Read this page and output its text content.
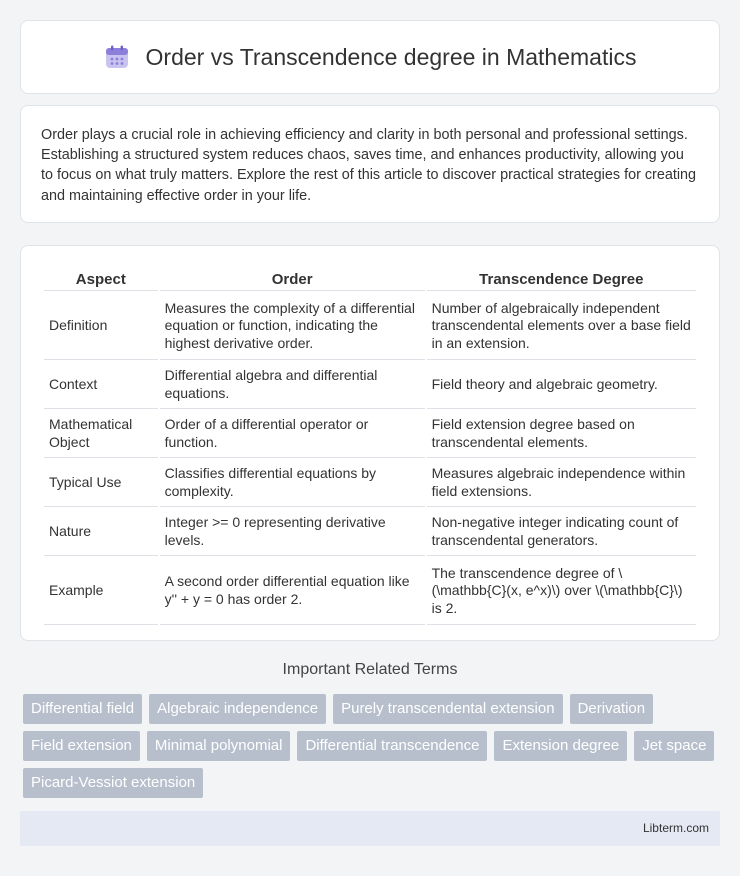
Order vs Transcendence degree in Mathematics

Order plays a crucial role in achieving efficiency and clarity in both personal and professional settings. Establishing a structured system reduces chaos, saves time, and enhances productivity, allowing you to focus on what truly matters. Explore the rest of this article to discover practical strategies for creating and maintaining effective order in your life.

Aspect	Order	Transcendence Degree
Definition	Measures the complexity of a differential equation or function, indicating the highest derivative order.	Number of algebraically independent transcendental elements over a base field in an extension.
Context	Differential algebra and differential equations.	Field theory and algebraic geometry.
Mathematical Object	Order of a differential operator or function.	Field extension degree based on transcendental elements.
Typical Use	Classifies differential equations by complexity.	Measures algebraic independence within field extensions.
Nature	Integer >= 0 representing derivative levels.	Non-negative integer indicating count of transcendental generators.
Example	A second order differential equation like y'' + y = 0 has order 2.	The transcendence degree of \(\mathbb{C}(x, e^x)\) over \(\mathbb{C}\) is 2.
Important Related Terms
Differential field	Algebraic independence	Purely transcendental extension	Derivation
Field extension	Minimal polynomial	Differential transcendence	Extension degree	Jet space
Picard-Vessiot extension
Libterm.com
